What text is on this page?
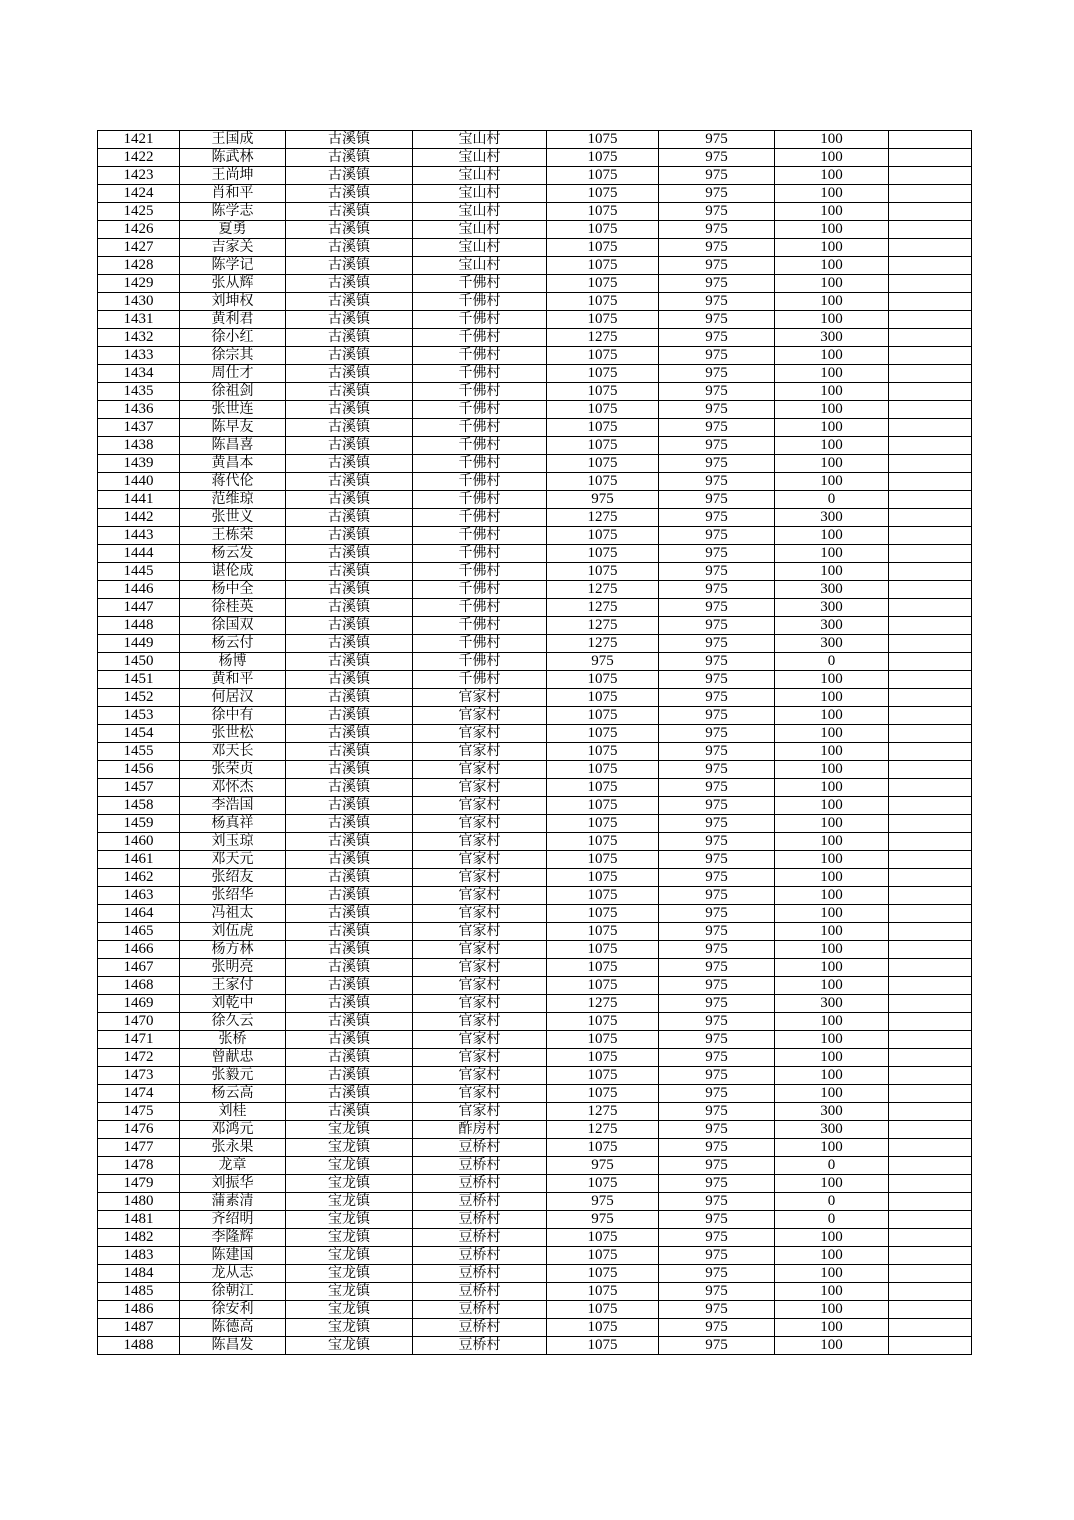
1421	王国成	古溪镇	宝山村	1075	975	100	
1422	陈武林	古溪镇	宝山村	1075	975	100	
1423	王尚坤	古溪镇	宝山村	1075	975	100	
1424	肖和平	古溪镇	宝山村	1075	975	100	
1425	陈学志	古溪镇	宝山村	1075	975	100	
1426	夏勇	古溪镇	宝山村	1075	975	100	
1427	吉家关	古溪镇	宝山村	1075	975	100	
1428	陈学记	古溪镇	宝山村	1075	975	100	
1429	张从辉	古溪镇	千佛村	1075	975	100	
1430	刘坤权	古溪镇	千佛村	1075	975	100	
1431	黄利君	古溪镇	千佛村	1075	975	100	
1432	徐小红	古溪镇	千佛村	1275	975	300	
1433	徐宗其	古溪镇	千佛村	1075	975	100	
1434	周仕才	古溪镇	千佛村	1075	975	100	
1435	徐祖剑	古溪镇	千佛村	1075	975	100	
1436	张世连	古溪镇	千佛村	1075	975	100	
1437	陈早友	古溪镇	千佛村	1075	975	100	
1438	陈昌喜	古溪镇	千佛村	1075	975	100	
1439	黄昌本	古溪镇	千佛村	1075	975	100	
1440	蒋代伦	古溪镇	千佛村	1075	975	100	
1441	范维琼	古溪镇	千佛村	975	975	0	
1442	张世义	古溪镇	千佛村	1275	975	300	
1443	王栋荣	古溪镇	千佛村	1075	975	100	
1444	杨云发	古溪镇	千佛村	1075	975	100	
1445	谌伦成	古溪镇	千佛村	1075	975	100	
1446	杨中全	古溪镇	千佛村	1275	975	300	
1447	徐桂英	古溪镇	千佛村	1275	975	300	
1448	徐国双	古溪镇	千佛村	1275	975	300	
1449	杨云付	古溪镇	千佛村	1275	975	300	
1450	杨博	古溪镇	千佛村	975	975	0	
1451	黄和平	古溪镇	千佛村	1075	975	100	
1452	何居汉	古溪镇	官家村	1075	975	100	
1453	徐中有	古溪镇	官家村	1075	975	100	
1454	张世松	古溪镇	官家村	1075	975	100	
1455	邓天长	古溪镇	官家村	1075	975	100	
1456	张荣贞	古溪镇	官家村	1075	975	100	
1457	邓怀杰	古溪镇	官家村	1075	975	100	
1458	李浩国	古溪镇	官家村	1075	975	100	
1459	杨真祥	古溪镇	官家村	1075	975	100	
1460	刘玉琼	古溪镇	官家村	1075	975	100	
1461	邓天元	古溪镇	官家村	1075	975	100	
1462	张绍友	古溪镇	官家村	1075	975	100	
1463	张绍华	古溪镇	官家村	1075	975	100	
1464	冯祖太	古溪镇	官家村	1075	975	100	
1465	刘伍虎	古溪镇	官家村	1075	975	100	
1466	杨方林	古溪镇	官家村	1075	975	100	
1467	张明亮	古溪镇	官家村	1075	975	100	
1468	王家付	古溪镇	官家村	1075	975	100	
1469	刘乾中	古溪镇	官家村	1275	975	300	
1470	徐久云	古溪镇	官家村	1075	975	100	
1471	张桥	古溪镇	官家村	1075	975	100	
1472	曾献忠	古溪镇	官家村	1075	975	100	
1473	张毅元	古溪镇	官家村	1075	975	100	
1474	杨云高	古溪镇	官家村	1075	975	100	
1475	刘桂	古溪镇	官家村	1275	975	300	
1476	邓鸿元	宝龙镇	酢房村	1275	975	300	
1477	张永果	宝龙镇	豆桥村	1075	975	100	
1478	龙章	宝龙镇	豆桥村	975	975	0	
1479	刘振华	宝龙镇	豆桥村	1075	975	100	
1480	蒲素清	宝龙镇	豆桥村	975	975	0	
1481	齐绍明	宝龙镇	豆桥村	975	975	0	
1482	李隆辉	宝龙镇	豆桥村	1075	975	100	
1483	陈建国	宝龙镇	豆桥村	1075	975	100	
1484	龙从志	宝龙镇	豆桥村	1075	975	100	
1485	徐朝江	宝龙镇	豆桥村	1075	975	100	
1486	徐安利	宝龙镇	豆桥村	1075	975	100	
1487	陈德高	宝龙镇	豆桥村	1075	975	100	
1488	陈昌发	宝龙镇	豆桥村	1075	975	100	
